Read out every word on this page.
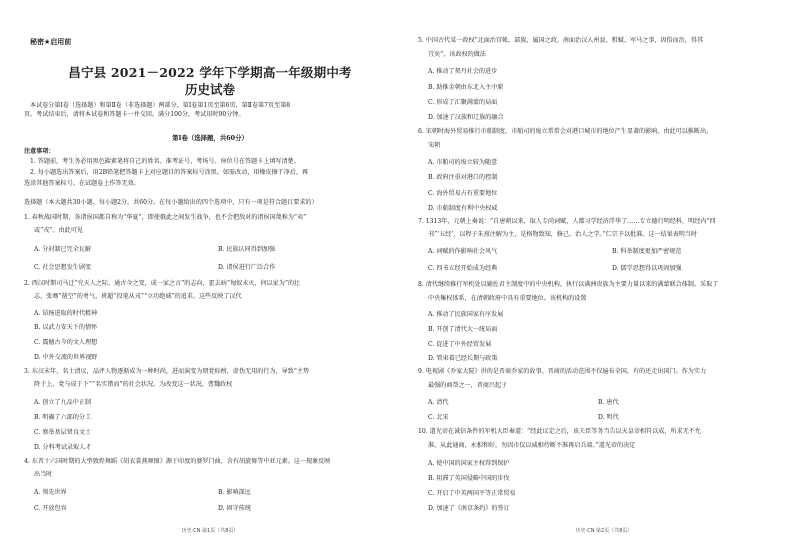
秘密★启用前
昌宁县 2021－2022 学年下学期高一年级期中考
历史试卷
本试卷分第Ⅰ卷（选择题）和第Ⅱ卷（非选择题）两部分，第Ⅰ卷第1页至第6页，第Ⅱ卷第7页至第8
页。考试结束后，请将本试卷和答题卡一并交回。满分100分，考试用时90分钟。
第Ⅰ卷（选择题，共60分）
注意事项：
1. 答题前，考生务必用黑色碳素笔将自己的姓名、准考证号、考场号、座位号在答题卡上填写清楚。
2. 每小题选出答案后，用2B铅笔把答题卡上对应题目的答案标号涂黑。如需改动，用橡皮擦干净后，再
选涂其他答案标号。在试题卷上作答无效。
选择题（本大题共30小题，每小题2分，共60分。在每小题给出的四个选项中，只有一项是符合题目要求的）
1. 春秋战国时期，各诸侯国都自称为“华夏”，即使俄此之间发生战争，也不会把敌对的诸侯国蔑称为“夷”
或“戎”。由此可见
A. 分封制已完全瓦解	B. 民族认同得到加强
C. 社会思想发生剧变	D. 诸侯进行广泛合作
2. 西汉时期司马迁“究天人之际，通古今之变，成一家之言”的志向，霍去病“匈奴未灭，何以家为”的壮
志，张骞“凿空”的勇气，班超“投笔从戎”“立功绝域”的追求。这些反映了汉代
A. 昂扬进取的时代精神
B. 以武力安天下的情怀
C. 震撼古今的文人理想
D. 中外交流的世界视野
3. 东汉末年，名士清议，品评人物逐渐成为一种时尚，进而演变为朋党标榜，虚伪无用的行为，导致“主势
降于上，党与成于下”“名实错而”的社会状况。为改变这一状况，曹魏政权
A. 创立了九品中正制
B. 明确了六部的分工
C. 察举基层贤良文士
D. 分科考试录取人才
4. 东晋十六国时期的大型敦煌舞蹈《胡衣裳燕舞图》源于印度的婆罗门曲，含有胡旋舞等中亚元素。这一现象反映
出当时
A. 领先世界	B. 影响深远
C. 开放包容	D. 固守传统
历史·CN·第1页（共8页）
5. 中国古代某一政权“北面治宫帐、部族、属国之政，南面治汉人州县、租赋、军马之事，因俗而治，得其
宜矣”。该政权的做法
A. 推动了契丹社会的进步
B. 助推金朝由东北入主中原
C. 形成了汇聚满蒙的局面
D. 加速了汉族和辽族的融合
6. 宋朝时海外贸易推行市舶制度，市舶司的废立常常会对港口城市的地位产生显著的影响。由此可以推断出，
宋朝
A. 市舶司的废立较为随意
B. 政府注重对港口的控制
C. 海外贸易占有重要地位
D. 市舶制度有利中央权威
7. 1313年，元朝上奏说：“自唐朝以来，取人专尚词赋，人都习学经济浮华了……专立德行明经科，明经内“四
书”‘五经’，以程子朱熹注解为主，是格物致知，修己、治人之学。”仁宗予以批准。这一结果表明当时
A. 词赋的作影响社会风气	B. 科举制度更加严密规范
C. 四书五经开始成为经典	D. 儒学思想得以巩固加强
8. 清代继续推行军机处以辅佐君主制度中的中央机构，执行以满洲贵族为主要力量以来的满蒙联合体制。采取了
中央集权体系，在清朝政府中具有重要地位。该机构的设置
A. 推动了民族国家有序发展
B. 开创了清代大一统局面
C. 促进了中外经贸发展
D. 管束着已经长期与政策
9. 电视剧《乔家大院》讲的是晋商乔家的故事。晋商的活动范围不仅遍布全国，有的还走出国门。作为实力
最强的商帮之一，晋商兴起于
A. 清代	B. 唐代
C. 北宋	D. 明代
10. 道光帝在诚信条件的军机大臣奏道：“经此议定之后，该夫臣等务当告以天皇帝相符以成，所求无不允
准，从此通商，永相和好，勿因市仪以威相待断不准再启兵端。”道光帝的决定
A. 使中国的国家主权得到保护
B. 阻滞了英国侵略中国的步伐
C. 开启了中英两国平等正常贸易
D. 加速了《南京条约》的签订
历史·CN·第2页（共8页）
